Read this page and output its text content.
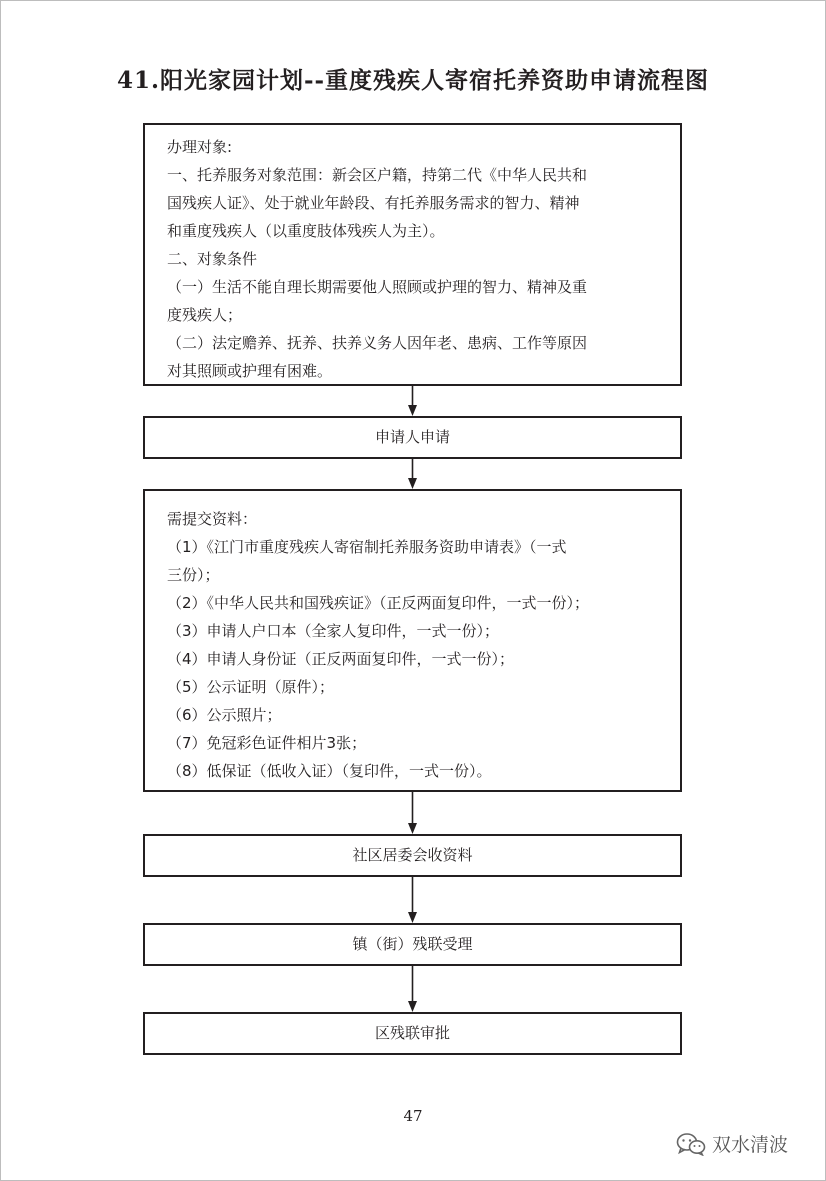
41.阳光家园计划--重度残疾人寄宿托养资助申请流程图
办理对象:
一、托养服务对象范围：新会区户籍，持第二代《中华人民共和
国残疾人证》、处于就业年龄段、有托养服务需求的智力、精神
和重度残疾人（以重度肢体残疾人为主）。
二、对象条件
（一）生活不能自理长期需要他人照顾或护理的智力、精神及重
度残疾人；
（二）法定赡养、抚养、扶养义务人因年老、患病、工作等原因
对其照顾或护理有困难。
申请人申请
需提交资料：
（1）《江门市重度残疾人寄宿制托养服务资助申请表》（一式
三份）；
（2）《中华人民共和国残疾证》（正反两面复印件，一式一份）；
（3）申请人户口本（全家人复印件，一式一份）；
（4）申请人身份证（正反两面复印件，一式一份）；
（5）公示证明（原件）；
（6）公示照片；
（7）免冠彩色证件相片3张；
（8）低保证（低收入证）（复印件，一式一份）。
社区居委会收资料
镇（街）残联受理
区残联审批
47
双水清波
